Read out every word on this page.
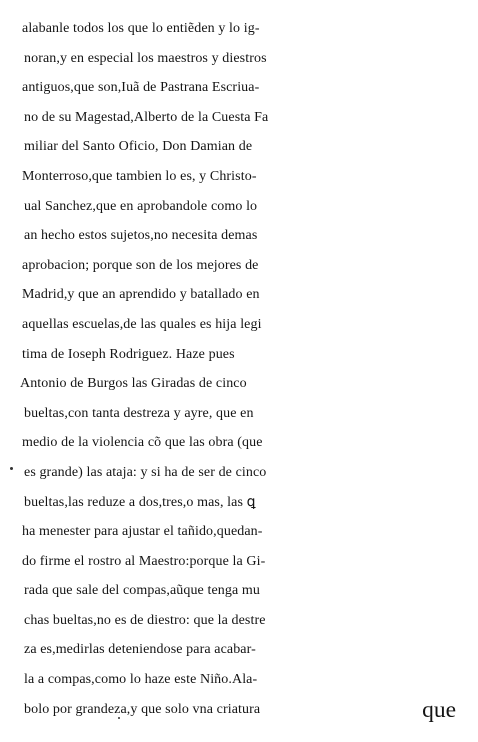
alabanle todos los que lo entiẽden y lo ig-
noran,y en especial los maestros y diestros
antiguos,que son,Iuã de Pastrana Escriua-
no de su Magestad,Alberto de la Cuesta Fa
miliar del Santo Oficio, Don Damian de
Monterroso,que tambien lo es, y Christo-
ual Sanchez,que en aprobandole como lo
an hecho estos sujetos,no necesita demas
aprobacion; porque son de los mejores de
Madrid,y que an aprendido y batallado en
aquellas escuelas,de las quales es hija legi
tima de Ioseph Rodriguez. Haze pues
Antonio de Burgos las Giradas de cinco
bueltas,con tanta destreza y ayre, que en
medio de la violencia cõ que las obra (que
es grande) las ataja: y si ha de ser de cinco
bueltas,las reduze a dos,tres,o mas, las ꝗ
ha menester para ajustar el tañido,quedan-
do firme el rostro al Maestro:porque la Gi-
rada que sale del compas,aũque tenga mu
chas bueltas,no es de diestro: que la destre
za es,medirlas deteniendose para acabar-
la a compas,como lo haze este Niño.Ala-
bolo por grandeza,y que solo vna criatura	que
